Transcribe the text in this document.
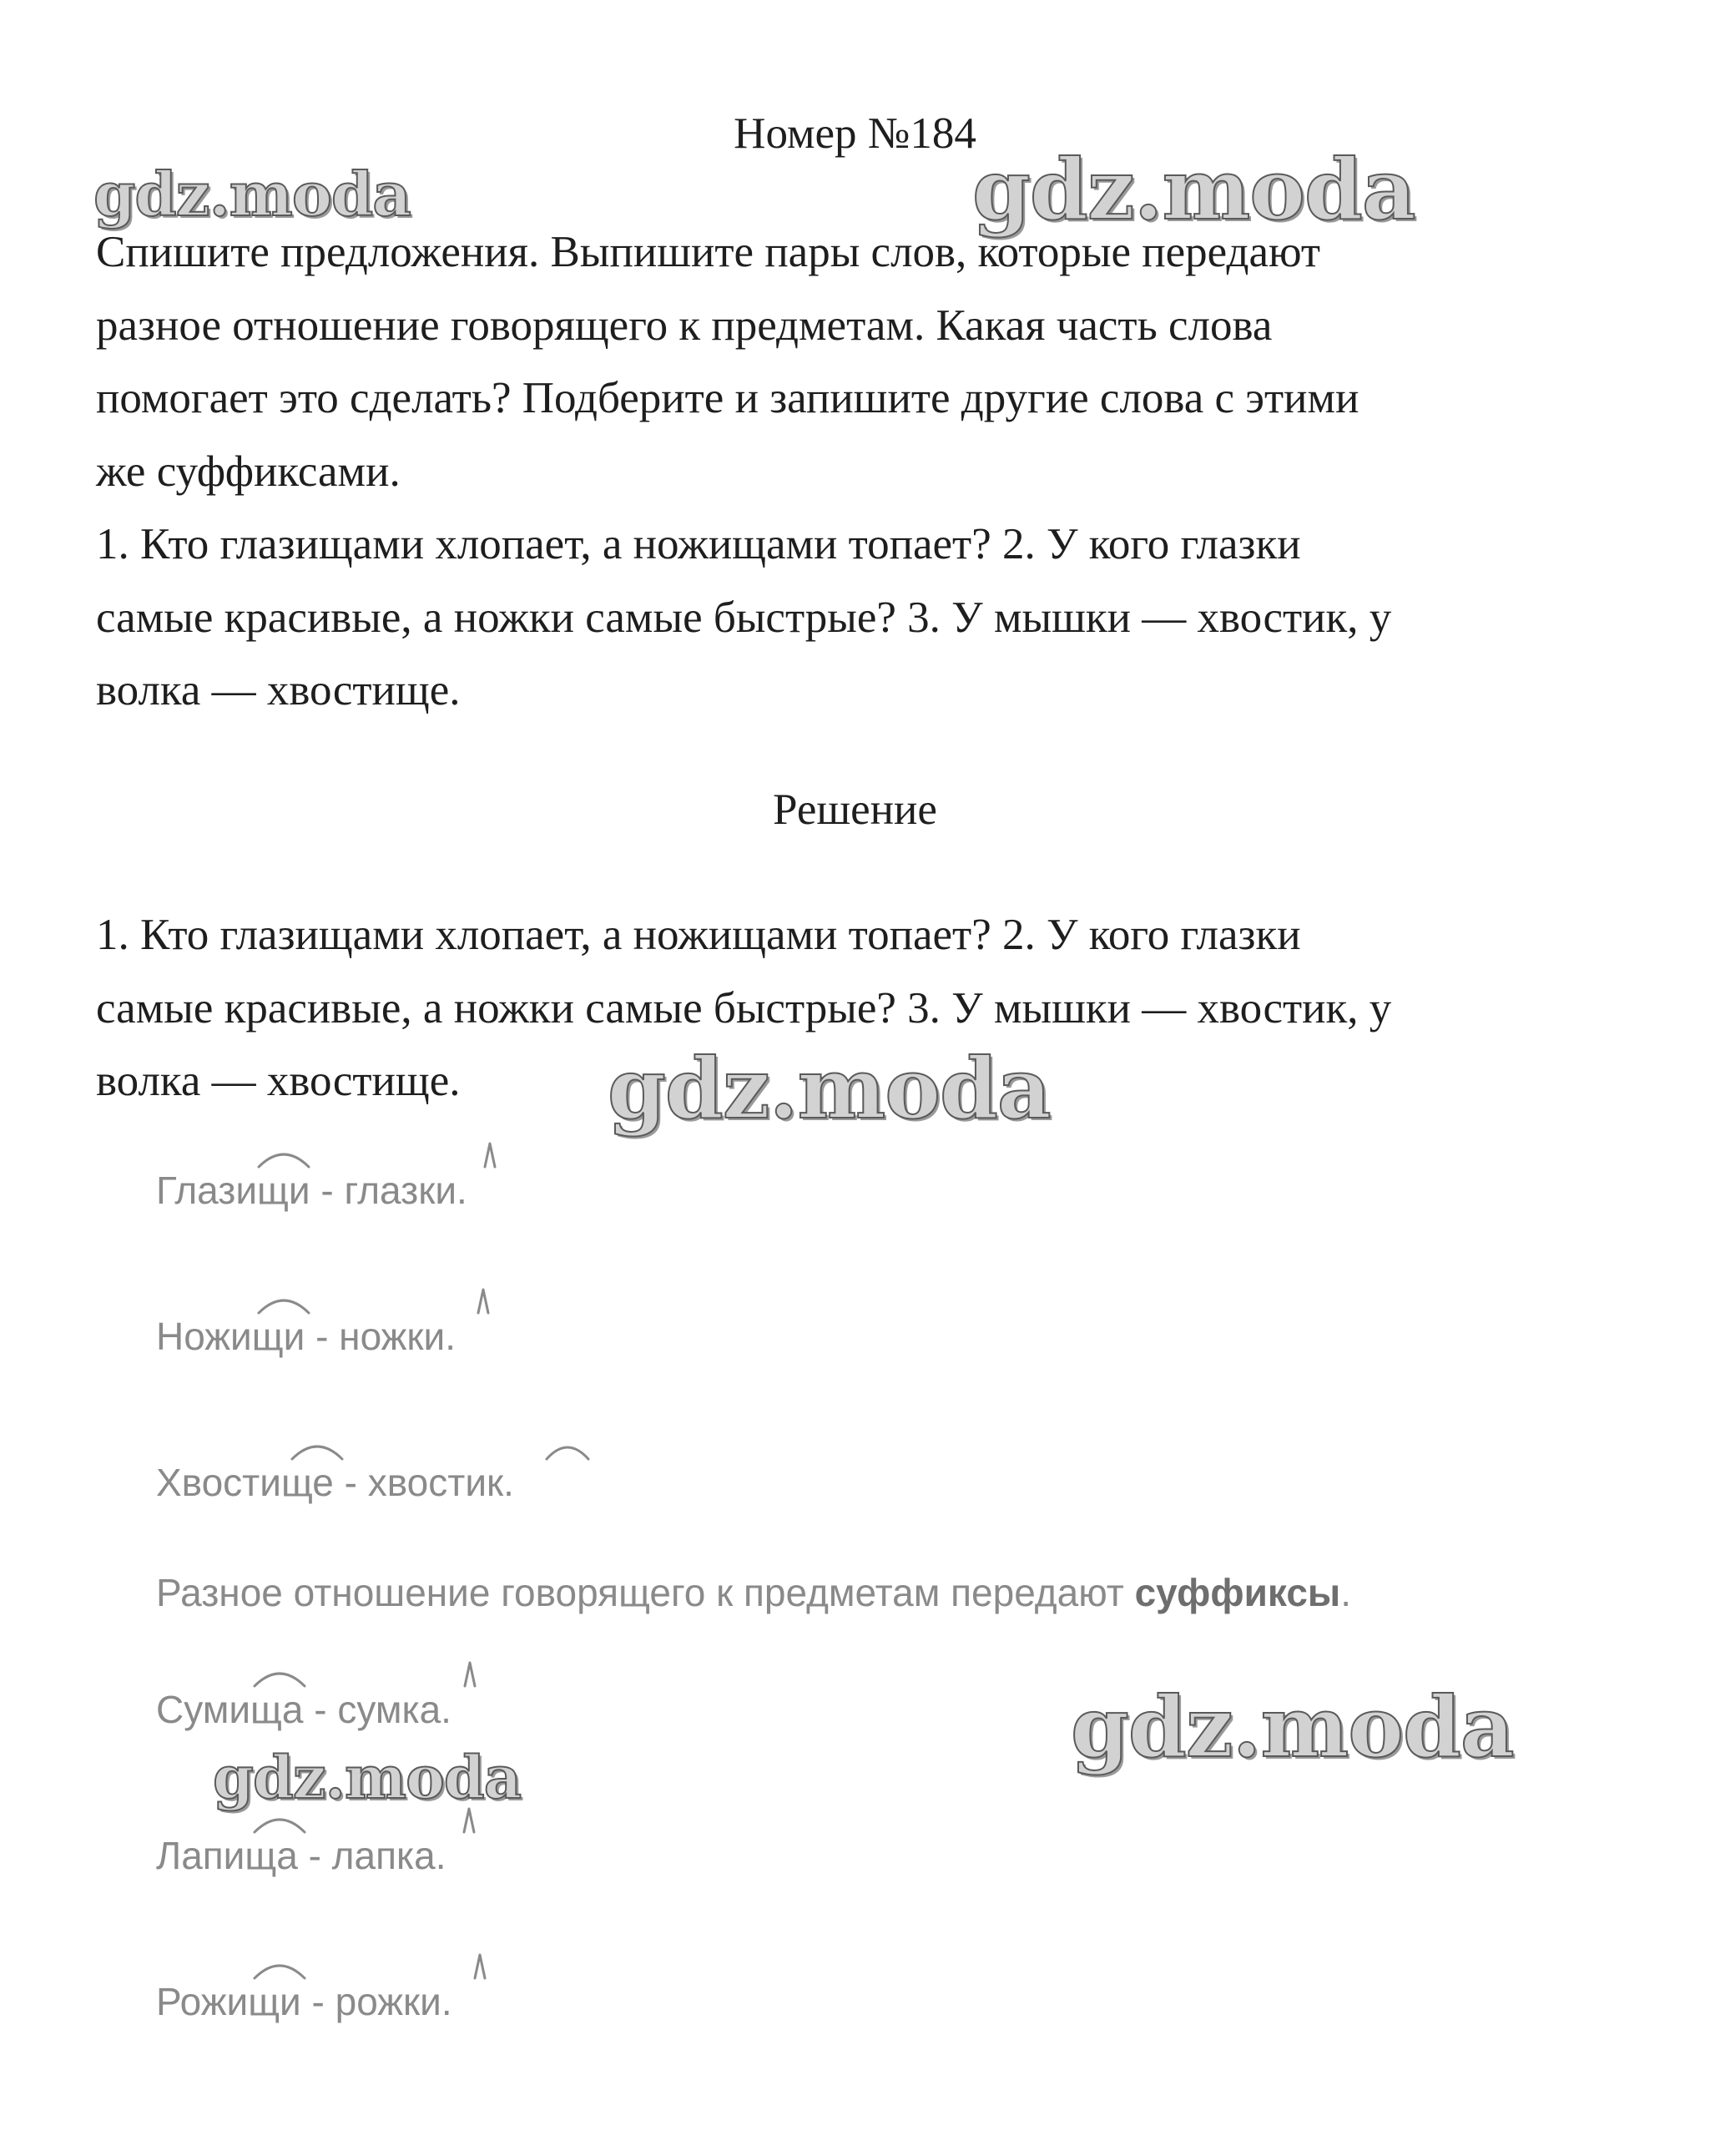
Номер №184
Спишите предложения. Выпишите пары слов, которые передают
разное отношение говорящего к предметам. Какая часть слова
помогает это сделать? Подберите и запишите другие слова с этими
же суффиксами.
1. Кто глазищами хлопает, а ножищами топает? 2. У кого глазки
самые красивые, а ножки самые быстрые? 3. У мышки — хвостик, у
волка — хвостище.
Решение
1. Кто глазищами хлопает, а ножищами топает? 2. У кого глазки
самые красивые, а ножки самые быстрые? 3. У мышки — хвостик, у
волка — хвостище.
Глазищи - глазки.
Ножищи - ножки.
Хвостище - хвостик.
Разное отношение говорящего к предметам передают суффиксы.
Сумища - сумка.
Лапища - лапка.
Рожищи - рожки.
gdz.moda	gdz.moda
gdz.moda
gdz.moda
gdz.moda
